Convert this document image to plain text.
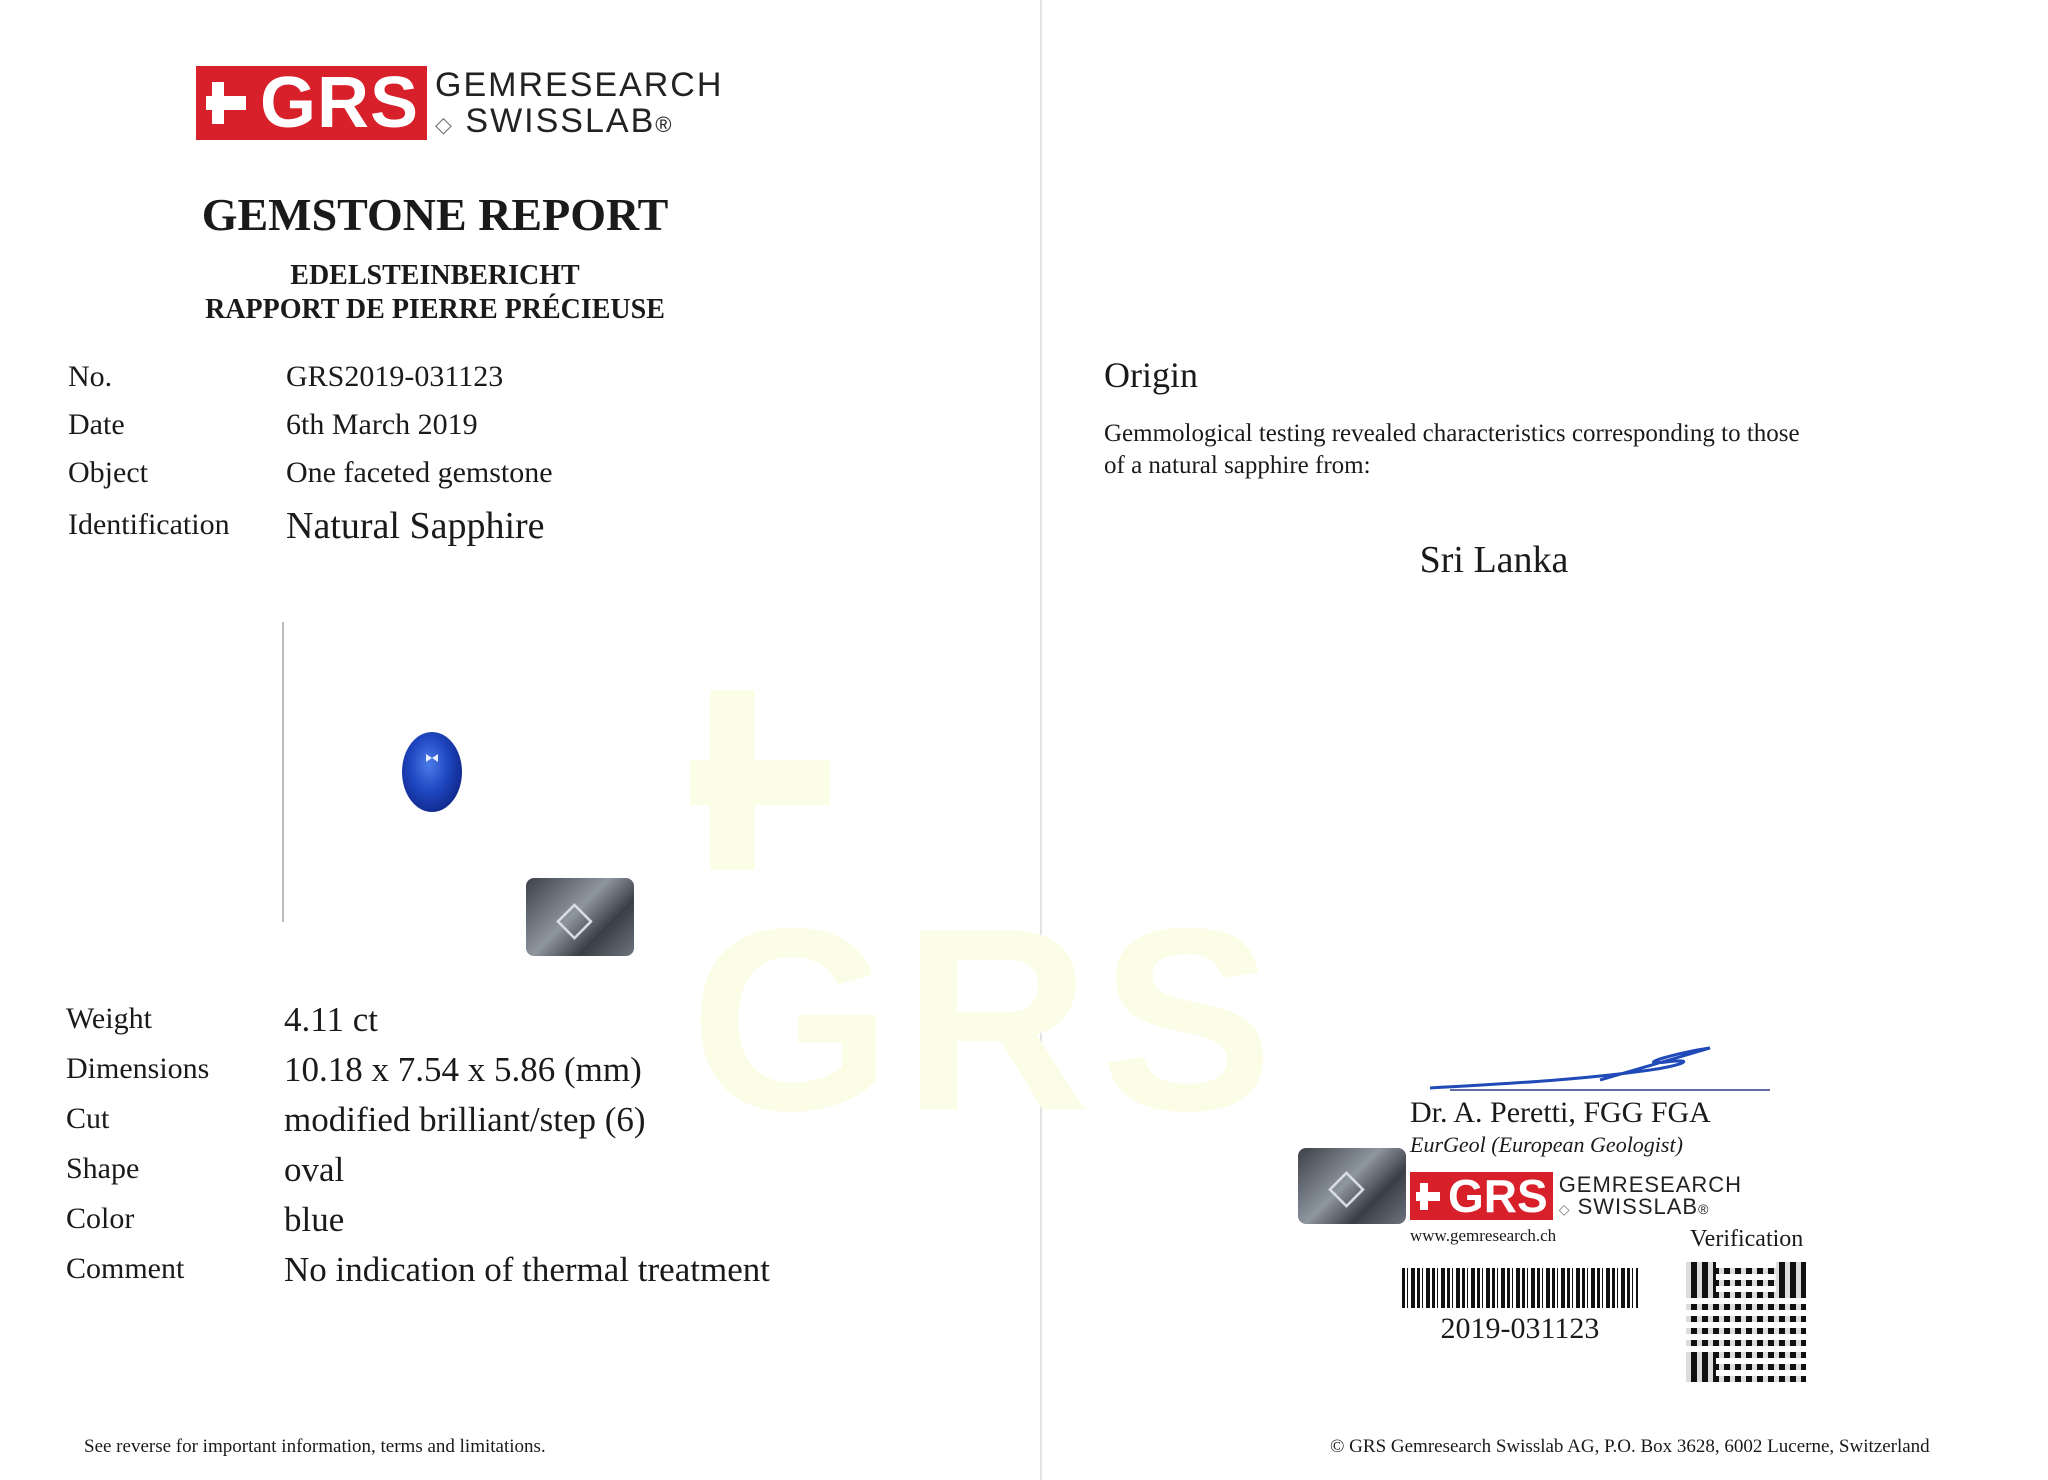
GRS
GRS GEMRESEARCH
◇ SWISSLAB®
GEMSTONE REPORT
EDELSTEINBERICHT
RAPPORT DE PIERRE PRÉCIEUSE
No.	GRS2019-031123
Date	6th March 2019
Object	One faceted gemstone
Identification Natural Sapphire
◇
Weight	4.11 ct
Dimensions 10.18 x 7.54 x 5.86 (mm)
Cut	modified brilliant/step (6)
Shape	oval
Color	blue
Comment	No indication of thermal treatment
See reverse for important information, terms and limitations.
Origin
Gemmological testing revealed characteristics corresponding to those
of a natural sapphire from:
Sri Lanka
Dr. A. Peretti, FGG FGA
EurGeol (European Geologist)
◇ GRS GEMRESEARCH
◇ SWISSLAB®
www.gemresearch.ch	Verification
2019-031123
© GRS Gemresearch Swisslab AG, P.O. Box 3628, 6002 Lucerne, Switzerland
